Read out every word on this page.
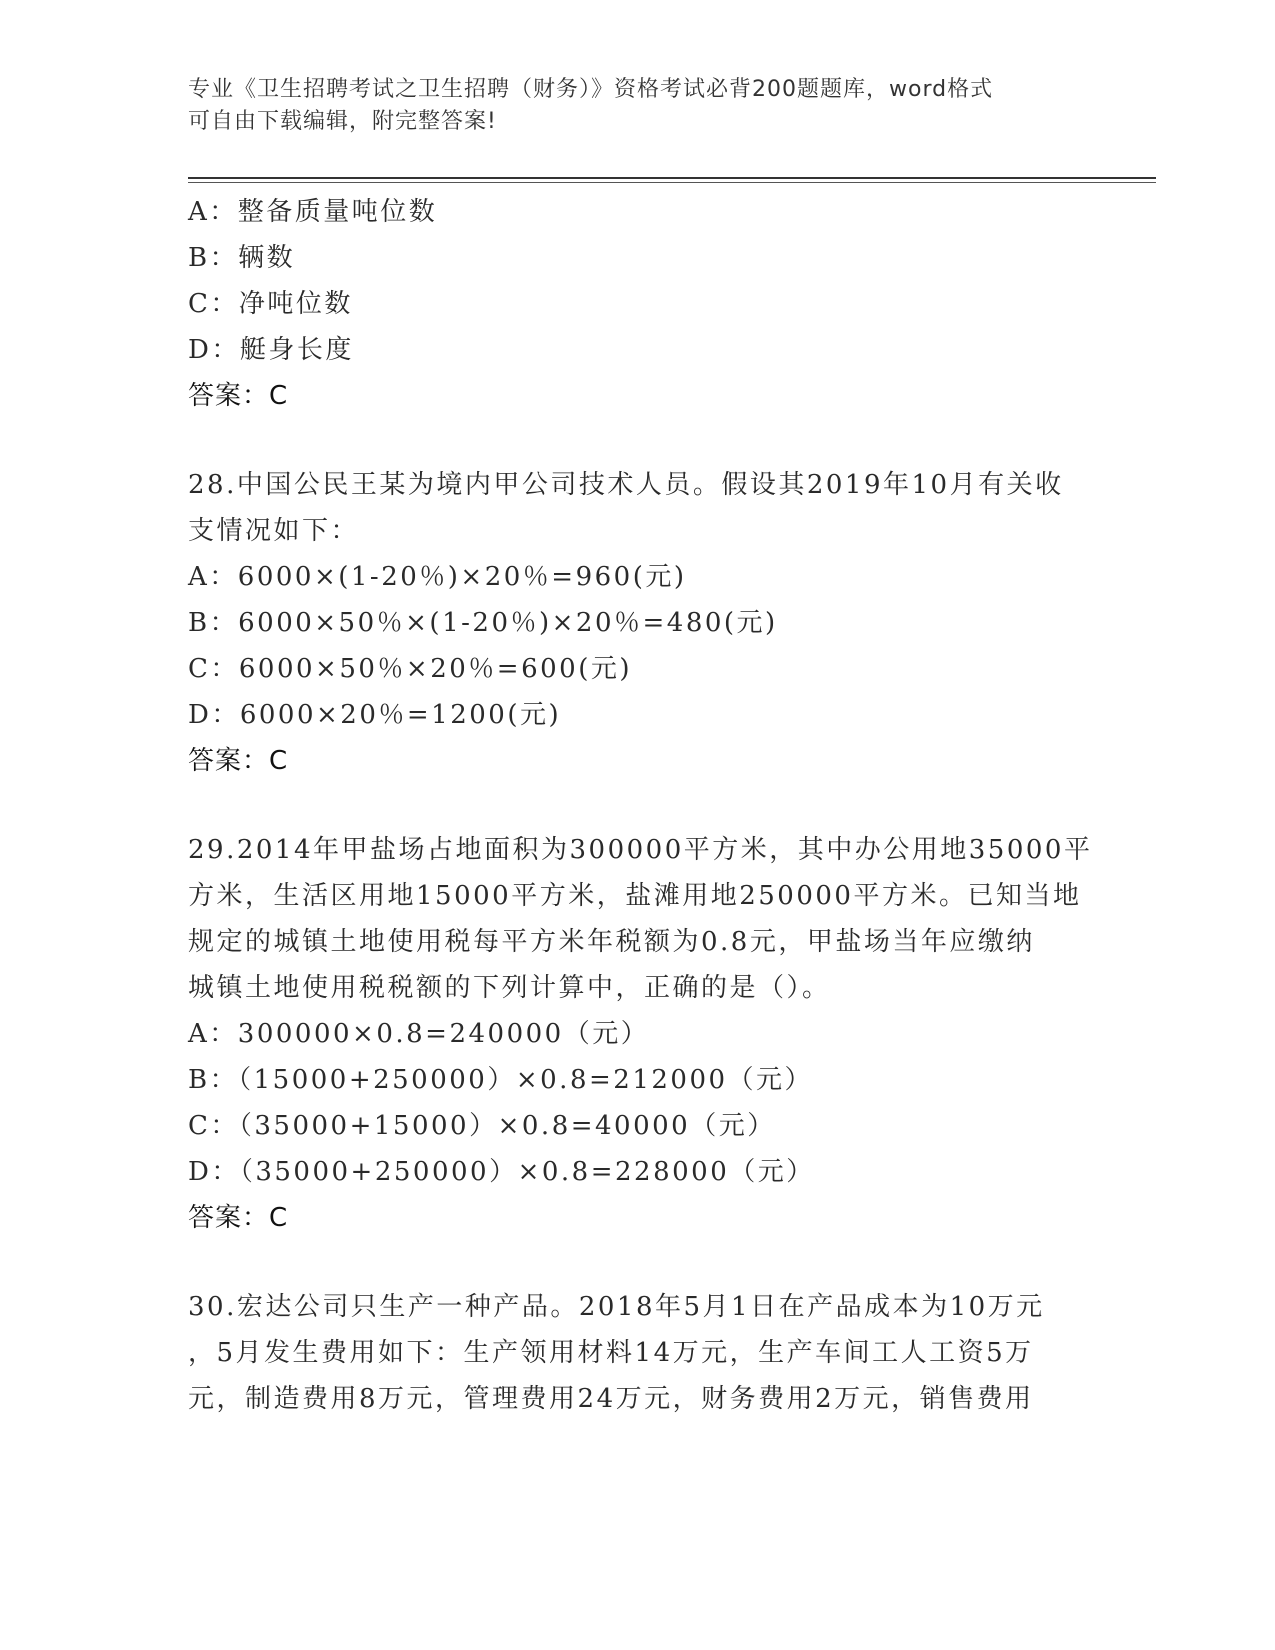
专业《卫生招聘考试之卫生招聘（财务）》资格考试必背200题题库，word格式
可自由下载编辑，附完整答案!
A：整备质量吨位数
B：辆数
C：净吨位数
D：艇身长度
答案：C
28.中国公民王某为境内甲公司技术人员。假设其2019年10月有关收
支情况如下：
A：6000×(1-20％)×20％=960(元)
B：6000×50％×(1-20％)×20％=480(元)
C：6000×50％×20％=600(元)
D：6000×20％=1200(元)
答案：C
29.2014年甲盐场占地面积为300000平方米，其中办公用地35000平
方米，生活区用地15000平方米，盐滩用地250000平方米。已知当地
规定的城镇土地使用税每平方米年税额为0.8元，甲盐场当年应缴纳
城镇土地使用税税额的下列计算中，正确的是（）。
A：300000×0.8=240000（元）
B：（15000+250000）×0.8=212000（元）
C：（35000+15000）×0.8=40000（元）
D：（35000+250000）×0.8=228000（元）
答案：C
30.宏达公司只生产一种产品。2018年5月1日在产品成本为10万元
，5月发生费用如下：生产领用材料14万元，生产车间工人工资5万
元，制造费用8万元，管理费用24万元，财务费用2万元，销售费用
